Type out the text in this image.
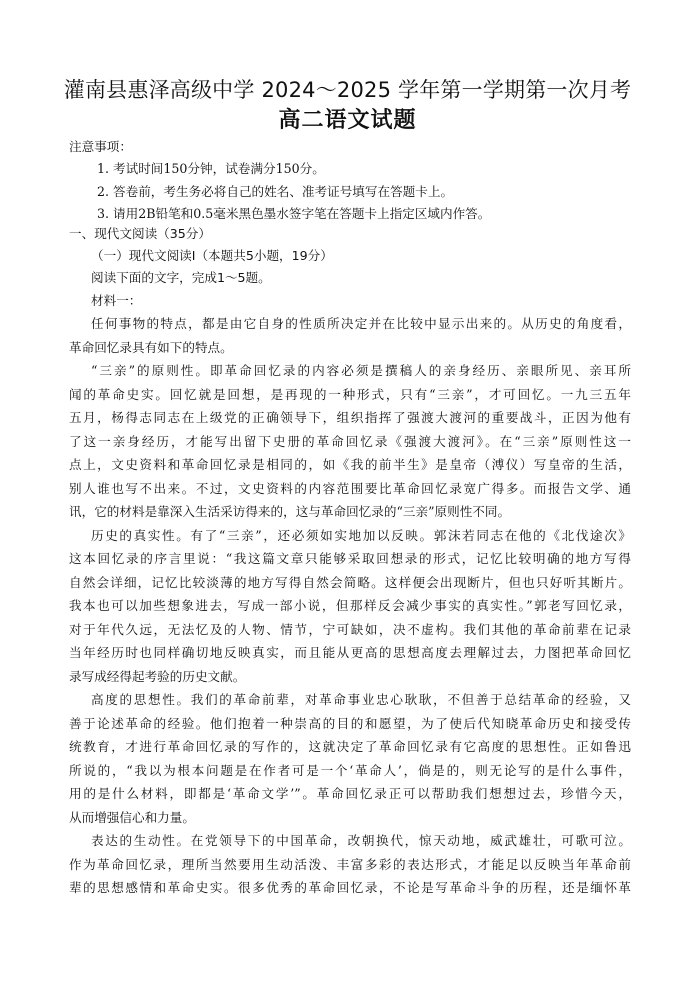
灌南县惠泽高级中学 2024～2025 学年第一学期第一次月考
高二语文试题
注意事项：
1. 考试时间150分钟，试卷满分150分。
2. 答卷前，考生务必将自己的姓名、准考证号填写在答题卡上。
3. 请用2B铅笔和0.5毫米黑色墨水签字笔在答题卡上指定区域内作答。
一、现代文阅读（35分）
（一）现代文阅读Ⅰ（本题共5小题，19分）
阅读下面的文字，完成1～5题。
材料一：
任何事物的特点，都是由它自身的性质所决定并在比较中显示出来的。从历史的角度看，
革命回忆录具有如下的特点。
“三亲”的原则性。即革命回忆录的内容必须是撰稿人的亲身经历、亲眼所见、亲耳所
闻的革命史实。回忆就是回想，是再现的一种形式，只有“三亲”，才可回忆。一九三五年
五月，杨得志同志在上级党的正确领导下，组织指挥了强渡大渡河的重要战斗，正因为他有
了这一亲身经历，才能写出留下史册的革命回忆录《强渡大渡河》。在“三亲”原则性这一
点上，文史资料和革命回忆录是相同的，如《我的前半生》是皇帝（溥仪）写皇帝的生活，
别人谁也写不出来。不过，文史资料的内容范围要比革命回忆录宽广得多。而报告文学、通
讯，它的材料是靠深入生活采访得来的，这与革命回忆录的“三亲”原则性不同。
历史的真实性。有了“三亲”，还必须如实地加以反映。郭沫若同志在他的《北伐途次》
这本回忆录的序言里说：“我这篇文章只能够采取回想录的形式，记忆比较明确的地方写得
自然会详细，记忆比较淡薄的地方写得自然会简略。这样便会出现断片，但也只好听其断片。
我本也可以加些想象进去，写成一部小说，但那样反会减少事实的真实性。”郭老写回忆录，
对于年代久远，无法忆及的人物、情节，宁可缺如，决不虚构。我们其他的革命前辈在记录
当年经历时也同样确切地反映真实，而且能从更高的思想高度去理解过去，力图把革命回忆
录写成经得起考验的历史文献。
高度的思想性。我们的革命前辈，对革命事业忠心耿耿，不但善于总结革命的经验，又
善于论述革命的经验。他们抱着一种崇高的目的和愿望，为了使后代知晓革命历史和接受传
统教育，才进行革命回忆录的写作的，这就决定了革命回忆录有它高度的思想性。正如鲁迅
所说的，“我以为根本问题是在作者可是一个‘革命人’，倘是的，则无论写的是什么事件，
用的是什么材料，即都是‘革命文学’”。革命回忆录正可以帮助我们想想过去，珍惜今天，
从而增强信心和力量。
表达的生动性。在党领导下的中国革命，改朝换代，惊天动地，威武雄壮，可歌可泣。
作为革命回忆录，理所当然要用生动活泼、丰富多彩的表达形式，才能足以反映当年革命前
辈的思想感情和革命史实。很多优秀的革命回忆录，不论是写革命斗争的历程，还是缅怀革
